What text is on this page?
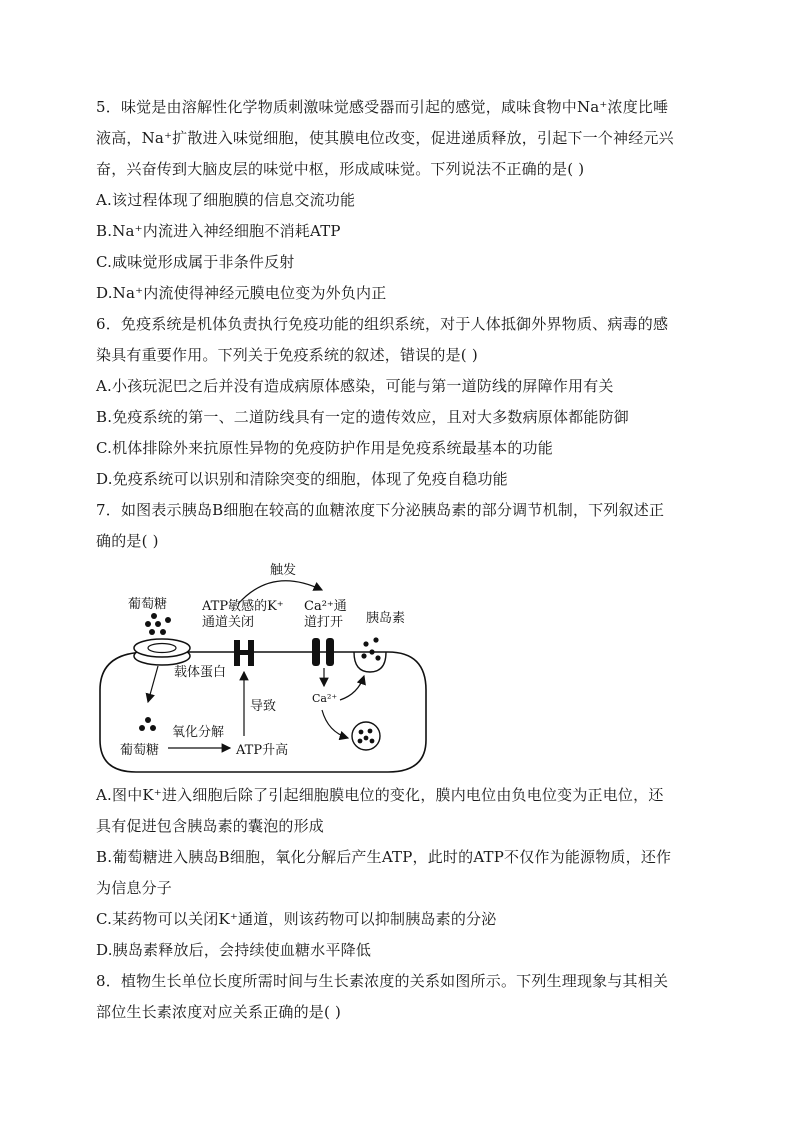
5．味觉是由溶解性化学物质刺激味觉感受器而引起的感觉，咸味食物中Na⁺浓度比唾
液高，Na⁺扩散进入味觉细胞，使其膜电位改变，促进递质释放，引起下一个神经元兴
奋，兴奋传到大脑皮层的味觉中枢，形成咸味觉。下列说法不正确的是( )
A.该过程体现了细胞膜的信息交流功能
B.Na⁺内流进入神经细胞不消耗ATP
C.咸味觉形成属于非条件反射
D.Na⁺内流使得神经元膜电位变为外负内正
6．免疫系统是机体负责执行免疫功能的组织系统，对于人体抵御外界物质、病毒的感
染具有重要作用。下列关于免疫系统的叙述，错误的是( )
A.小孩玩泥巴之后并没有造成病原体感染，可能与第一道防线的屏障作用有关
B.免疫系统的第一、二道防线具有一定的遗传效应，且对大多数病原体都能防御
C.机体排除外来抗原性异物的免疫防护作用是免疫系统最基本的功能
D.免疫系统可以识别和清除突变的细胞，体现了免疫自稳功能
7．如图表示胰岛B细胞在较高的血糖浓度下分泌胰岛素的部分调节机制，下列叙述正
确的是( )
葡萄糖
载体蛋白
ATP敏感的K⁺
通道关闭
触发
Ca²⁺通
道打开 胰岛素
葡萄糖
氧化分解
ATP升高
导致
Ca²⁺
A.图中K⁺进入细胞后除了引起细胞膜电位的变化，膜内电位由负电位变为正电位，还
具有促进包含胰岛素的囊泡的形成
B.葡萄糖进入胰岛B细胞，氧化分解后产生ATP，此时的ATP不仅作为能源物质，还作
为信息分子
C.某药物可以关闭K⁺通道，则该药物可以抑制胰岛素的分泌
D.胰岛素释放后，会持续使血糖水平降低
8．植物生长单位长度所需时间与生长素浓度的关系如图所示。下列生理现象与其相关
部位生长素浓度对应关系正确的是( )
